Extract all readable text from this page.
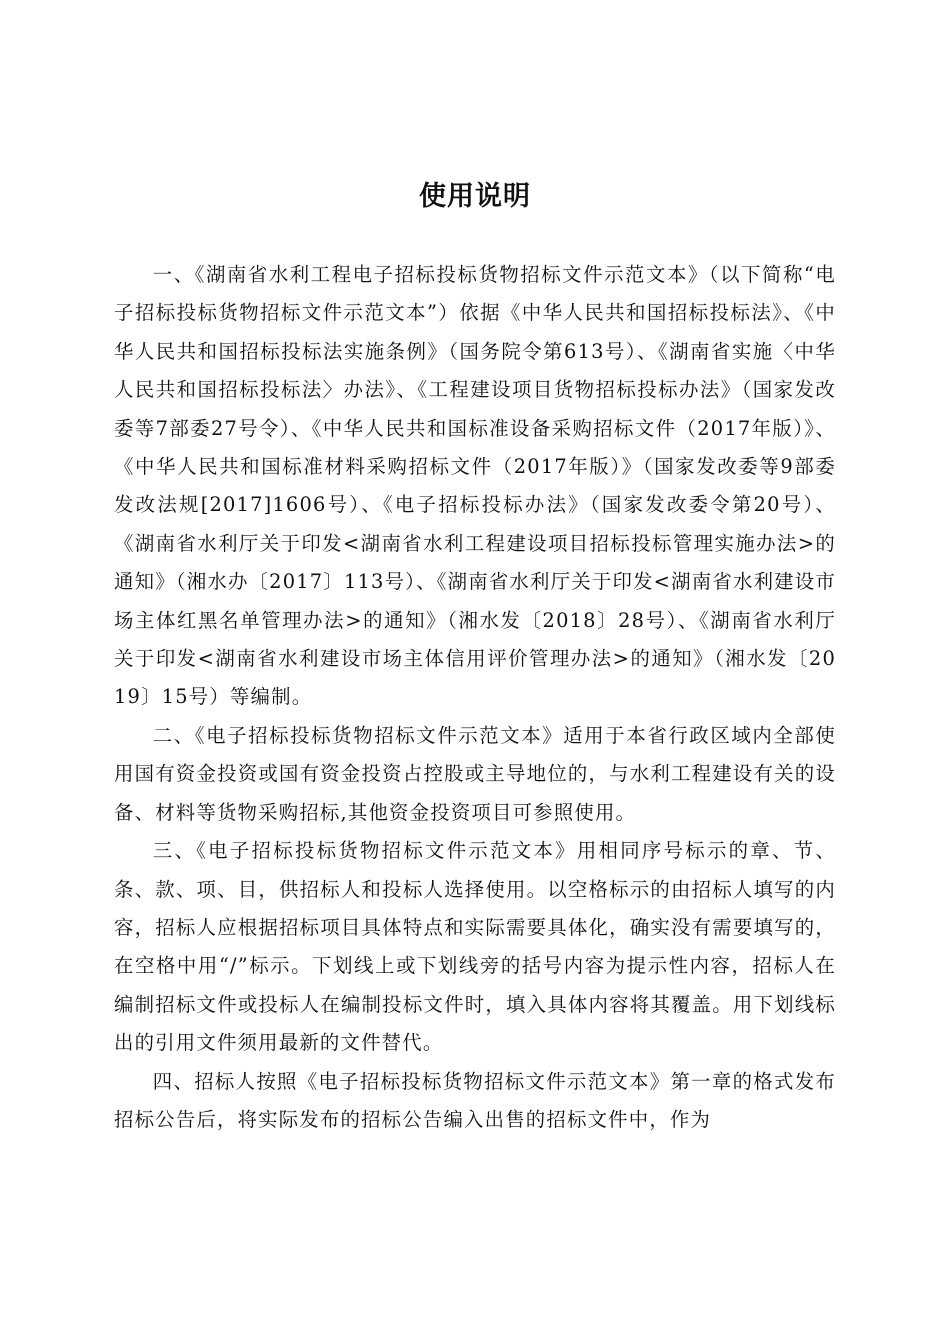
使用说明

一、《湖南省水利工程电子招标投标货物招标文件示范文本》（以下简称“电子招标投标货物招标文件示范文本”）依据《中华人民共和国招标投标法》、《中华人民共和国招标投标法实施条例》（国务院令第613号）、《湖南省实施〈中华人民共和国招标投标法〉办法》、《工程建设项目货物招标投标办法》（国家发改委等7部委27号令）、《中华人民共和国标准设备采购招标文件（2017年版）》、《中华人民共和国标准材料采购招标文件（2017年版）》（国家发改委等9部委发改法规[2017]1606号）、《电子招标投标办法》（国家发改委令第20号）、《湖南省水利厅关于印发<湖南省水利工程建设项目招标投标管理实施办法>的通知》（湘水办〔2017〕113号）、《湖南省水利厅关于印发<湖南省水利建设市场主体红黑名单管理办法>的通知》（湘水发〔2018〕28号）、《湖南省水利厅关于印发<湖南省水利建设市场主体信用评价管理办法>的通知》（湘水发〔2019〕15号）等编制。

二、《电子招标投标货物招标文件示范文本》适用于本省行政区域内全部使用国有资金投资或国有资金投资占控股或主导地位的，与水利工程建设有关的设备、材料等货物采购招标,其他资金投资项目可参照使用。

三、《电子招标投标货物招标文件示范文本》用相同序号标示的章、节、条、款、项、目，供招标人和投标人选择使用。以空格标示的由招标人填写的内容，招标人应根据招标项目具体特点和实际需要具体化，确实没有需要填写的，在空格中用“/”标示。下划线上或下划线旁的括号内容为提示性内容，招标人在编制招标文件或投标人在编制投标文件时，填入具体内容将其覆盖。用下划线标出的引用文件须用最新的文件替代。

四、招标人按照《电子招标投标货物招标文件示范文本》第一章的格式发布招标公告后，将实际发布的招标公告编入出售的招标文件中，作为
